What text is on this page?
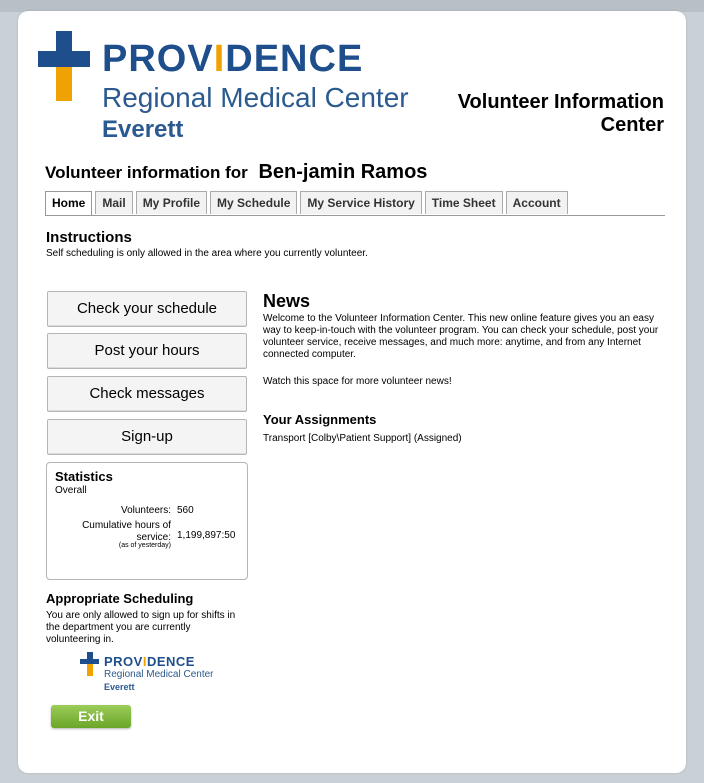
PROVIDENCE
Regional Medical Center
Everett
Volunteer Information Center
Volunteer information for Ben-jamin Ramos
Home	Mail	My Profile	My Schedule	My Service History	Time Sheet	Account
Instructions
Self scheduling is only allowed in the area where you currently volunteer.
Check your schedule
Post your hours
Check messages
Sign-up
Statistics
Overall
Volunteers: 560
Cumulative hours of service: 1,199,897:50
(as of yesterday)
Appropriate Scheduling
You are only allowed to sign up for shifts in the department you are currently volunteering in.
PROVIDENCE
Regional Medical Center
Everett
Exit
News
Welcome to the Volunteer Information Center. This new online feature gives you an easy way to keep-in-touch with the volunteer program. You can check your schedule, post your volunteer service, receive messages, and much more: anytime, and from any Internet connected computer.
Watch this space for more volunteer news!
Your Assignments
Transport [Colby\Patient Support] (Assigned)
